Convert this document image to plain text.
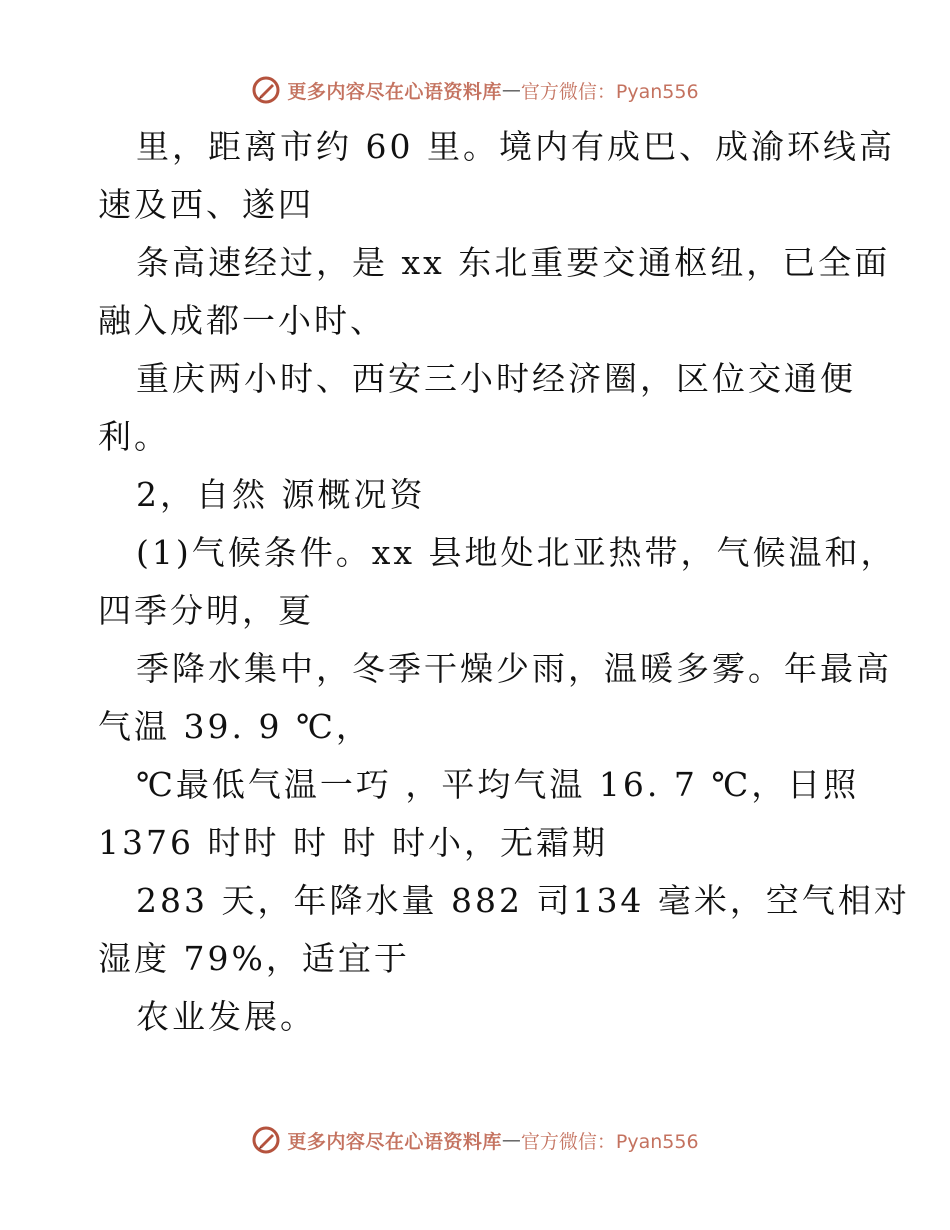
更多内容尽在心语资料库 — 官方微信：Pyan556
里，距离市约 60 里。境内有成巴、成渝环线高
速及西、遂四
条高速经过，是 xx 东北重要交通枢纽，已全面
融入成都一小时、
重庆两小时、西安三小时经济圈，区位交通便
利。
2，自然 源概况资
(1)气候条件。xx 县地处北亚热带，气候温和，
四季分明，夏
季降水集中，冬季干燥少雨，温暖多雾。年最高
气温 39. 9 ℃，
℃最低气温一巧 ，平均气温 16. 7 ℃，日照
1376 时时 时 时 时小，无霜期
283 天，年降水量 882 司134 毫米，空气相对
湿度 79%，适宜于
农业发展。
更多内容尽在心语资料库 — 官方微信：Pyan556
